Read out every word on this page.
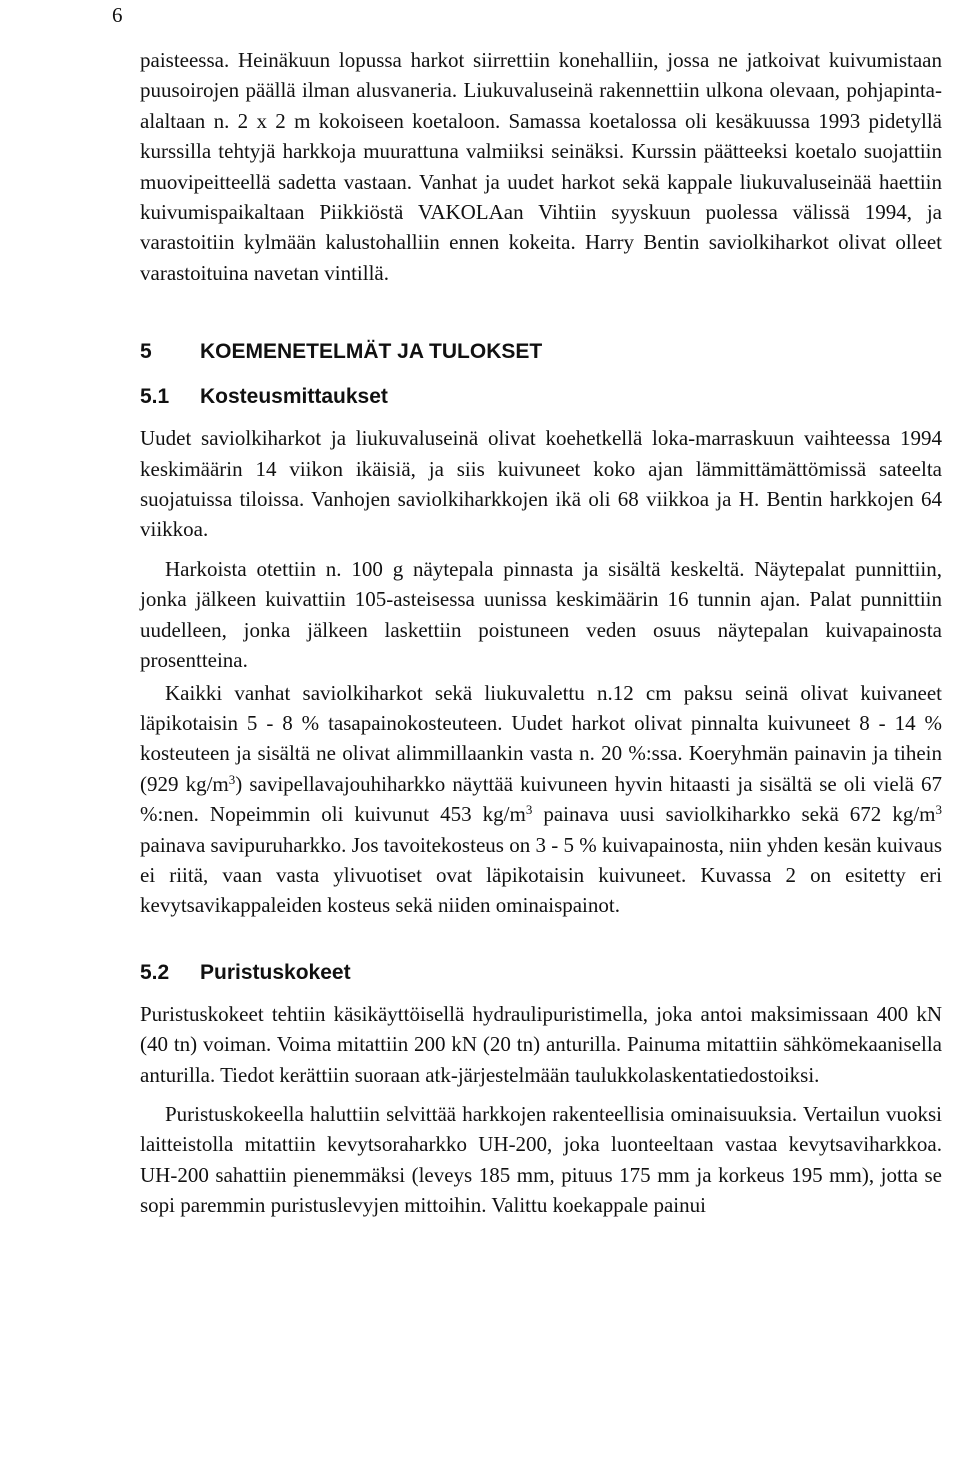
6

paisteessa. Heinäkuun lopussa harkot siirrettiin konehalliin, jossa ne jatkoivat kuivumistaan puusoirojen päällä ilman alusvaneria. Liukuvaluseinä rakennettiin ulkona olevaan, pohjapinta-alaltaan n. 2 x 2 m kokoiseen koetaloon. Samassa koetalossa oli kesäkuussa 1993 pidetyllä kurssilla tehtyjä harkkoja muurattuna valmiiksi seinäksi. Kurssin päätteeksi koetalo suojattiin muovipeitteellä sadetta vastaan. Vanhat ja uudet harkot sekä kappale liukuvaluseinää haettiin kuivumispaikaltaan Piikkiöstä VAKOLAan Vihtiin syyskuun puolessa välissä 1994, ja varastoitiin kylmään kalustohalliin ennen kokeita. Harry Bentin saviolkiharkot olivat olleet varastoituina navetan vintillä.

5 KOEMENETELMÄT JA TULOKSET
5.1 Kosteusmittaukset

Uudet saviolkiharkot ja liukuvaluseinä olivat koehetkellä loka-marraskuun vaihteessa 1994 keskimäärin 14 viikon ikäisiä, ja siis kuivuneet koko ajan lämmittämättömissä sateelta suojatuissa tiloissa. Vanhojen saviolkiharkkojen ikä oli 68 viikkoa ja H. Bentin harkkojen 64 viikkoa.

Harkoista otettiin n. 100 g näytepala pinnasta ja sisältä keskeltä. Näytepalat punnittiin, jonka jälkeen kuivattiin 105-asteisessa uunissa keskimäärin 16 tunnin ajan. Palat punnittiin uudelleen, jonka jälkeen laskettiin poistuneen veden osuus näytepalan kuivapainosta prosentteina.

Kaikki vanhat saviolkiharkot sekä liukuvalettu n.12 cm paksu seinä olivat kuivaneet läpikotaisin 5 - 8 % tasapainokosteuteen. Uudet harkot olivat pinnalta kuivuneet 8 - 14 % kosteuteen ja sisältä ne olivat alimmillaankin vasta n. 20 %:ssa. Koeryhmän painavin ja tihein (929 $kg/m^3$) savipellavajouhiharkko näyttää kuivuneen hyvin hitaasti ja sisältä se oli vielä 67 %:nen. Nopeimmin oli kuivunut 453 $kg/m^3$ painava uusi saviolkiharkko sekä 672 $kg/m^3$ painava savipuruharkko. Jos tavoitekosteus on 3 - 5 % kuivapainosta, niin yhden kesän kuivaus ei riitä, vaan vasta ylivuotiset ovat läpikotaisin kuivuneet. Kuvassa 2 on esitetty eri kevytsavikappaleiden kosteus sekä niiden ominaispainot.

5.2 Puristuskokeet

Puristuskokeet tehtiin käsikäyttöisellä hydraulipuristimella, joka antoi maksimissaan 400 kN (40 tn) voiman. Voima mitattiin 200 kN (20 tn) anturilla. Painuma mitattiin sähkömekaanisella anturilla. Tiedot kerättiin suoraan atk-järjestelmään taulukkolaskentatiedostoiksi.

Puristuskokeella haluttiin selvittää harkkojen rakenteellisia ominaisuuksia. Vertailun vuoksi laitteistolla mitattiin kevytsoraharkko UH-200, joka luonteeltaan vastaa kevytsaviharkkoa. UH-200 sahattiin pienemmäksi (leveys 185 mm, pituus 175 mm ja korkeus 195 mm), jotta se sopi paremmin puristuslevyjen mittoihin. Valittu koekappale painui
